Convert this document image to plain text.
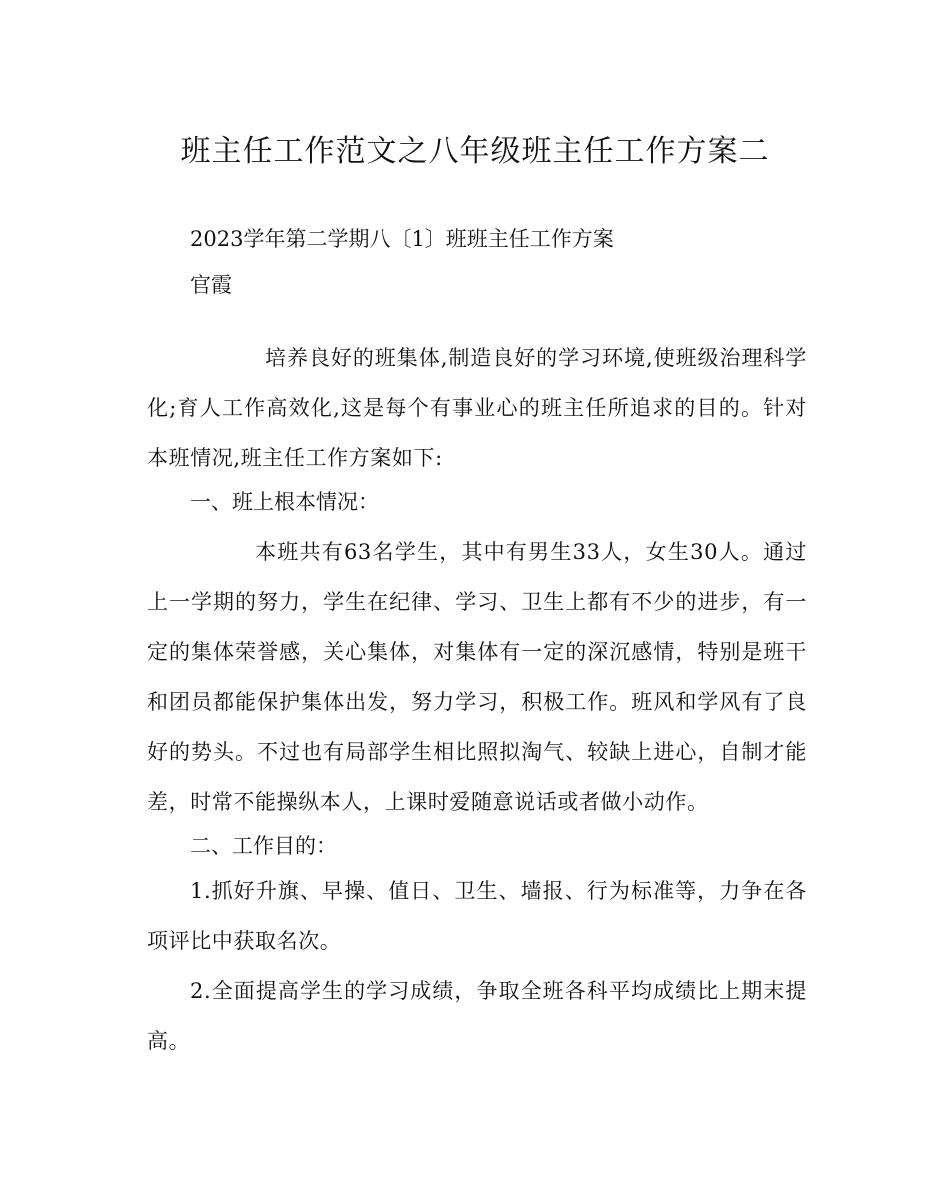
班主任工作范文之八年级班主任工作方案二

2023学年第二学期八〔1〕班班主任工作方案

官霞

培养良好的班集体,制造良好的学习环境,使班级治理科学化;育人工作高效化,这是每个有事业心的班主任所追求的目的。针对本班情况,班主任工作方案如下:

一、班上根本情况：

本班共有63名学生，其中有男生33人，女生30人。通过上一学期的努力，学生在纪律、学习、卫生上都有不少的进步，有一定的集体荣誉感，关心集体，对集体有一定的深沉感情，特别是班干和团员都能保护集体出发，努力学习，积极工作。班风和学风有了良好的势头。不过也有局部学生相比照拟淘气、较缺上进心，自制才能差，时常不能操纵本人，上课时爱随意说话或者做小动作。

二、工作目的：

1.抓好升旗、早操、值日、卫生、墙报、行为标准等，力争在各项评比中获取名次。

2.全面提高学生的学习成绩，争取全班各科平均成绩比上期末提高。
